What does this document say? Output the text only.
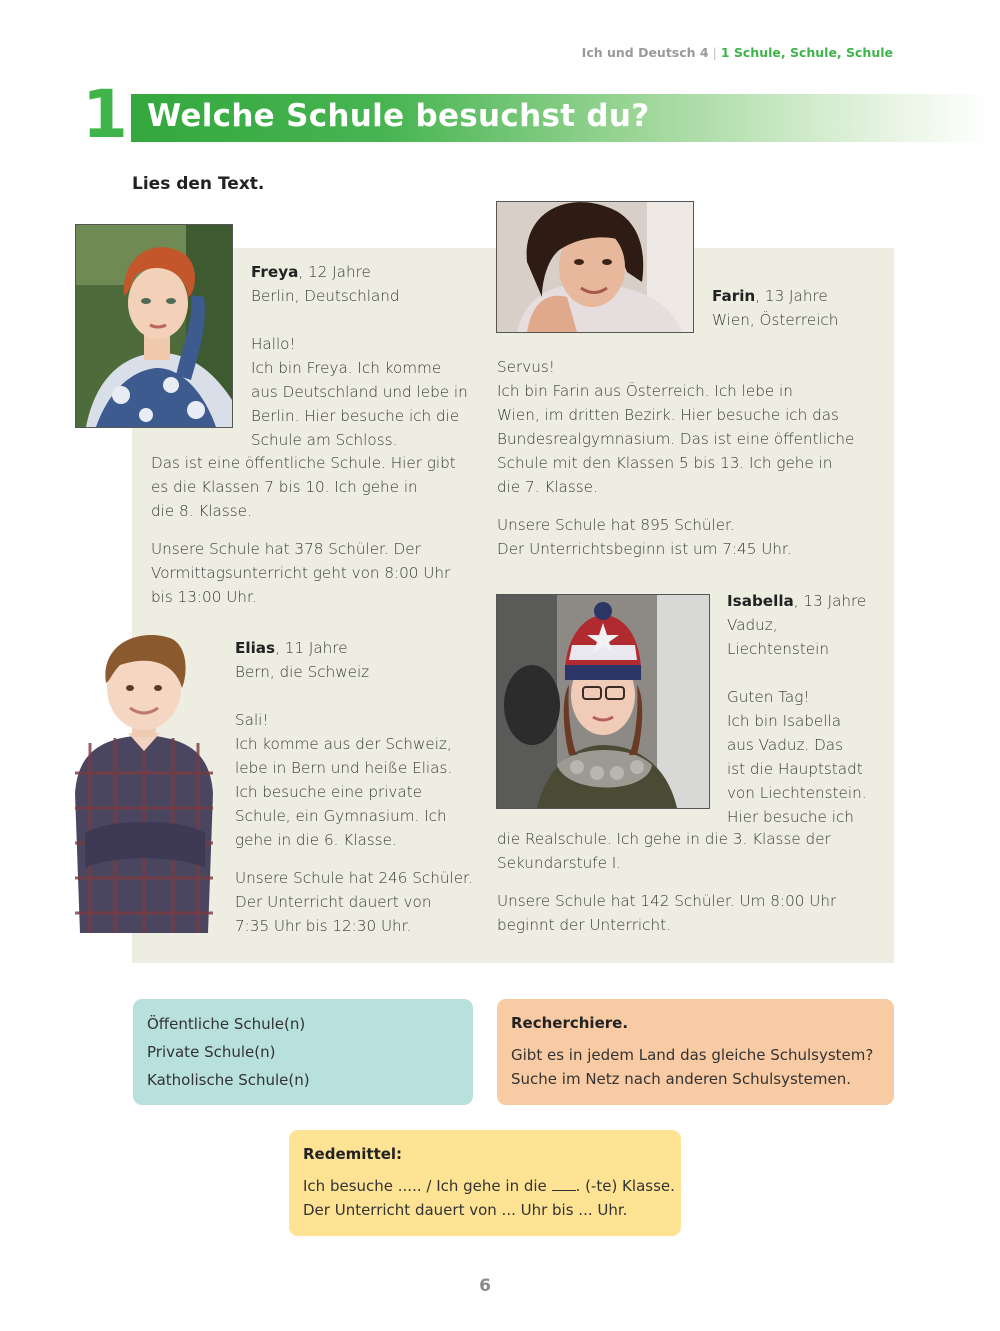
Ich und Deutsch 4 | 1 Schule, Schule, Schule
1 Welche Schule besuchst du?
Lies den Text.

Freya, 12 Jahre

Berlin, Deutschland

Hallo!

Ich bin Freya. Ich komme

aus Deutschland und lebe in

Berlin. Hier besuche ich die

Schule am Schloss.

Das ist eine öffentliche Schule. Hier gibt

es die Klassen 7 bis 10. Ich gehe in

die 8. Klasse.

Unsere Schule hat 378 Schüler. Der

Vormittagsunterricht geht von 8:00 Uhr

bis 13:00 Uhr.

Farin, 13 Jahre

Wien, Österreich

Servus!

Ich bin Farin aus Österreich. Ich lebe in

Wien, im dritten Bezirk. Hier besuche ich das

Bundesrealgymnasium. Das ist eine öffentliche

Schule mit den Klassen 5 bis 13. Ich gehe in

die 7. Klasse.

Unsere Schule hat 895 Schüler.

Der Unterrichtsbeginn ist um 7:45 Uhr.

Elias, 11 Jahre

Bern, die Schweiz

Sali!

Ich komme aus der Schweiz,

lebe in Bern und heiße Elias.

Ich besuche eine private

Schule, ein Gymnasium. Ich

gehe in die 6. Klasse.

Unsere Schule hat 246 Schüler.

Der Unterricht dauert von

7:35 Uhr bis 12:30 Uhr.

Isabella, 13 Jahre

Vaduz,

Liechtenstein

Guten Tag!

Ich bin Isabella

aus Vaduz. Das

ist die Hauptstadt

von Liechtenstein.

Hier besuche ich

die Realschule. Ich gehe in die 3. Klasse der

Sekundarstufe I.

Unsere Schule hat 142 Schüler. Um 8:00 Uhr

beginnt der Unterricht.

Öffentliche Schule(n)
Private Schule(n)
Katholische Schule(n)
Recherchiere.
Gibt es in jedem Land das gleiche Schulsystem?
Suche im Netz nach anderen Schulsystemen.
Redemittel:
Ich besuche ..... / Ich gehe in die . (-te) Klasse.
Der Unterricht dauert von ... Uhr bis ... Uhr.
6
